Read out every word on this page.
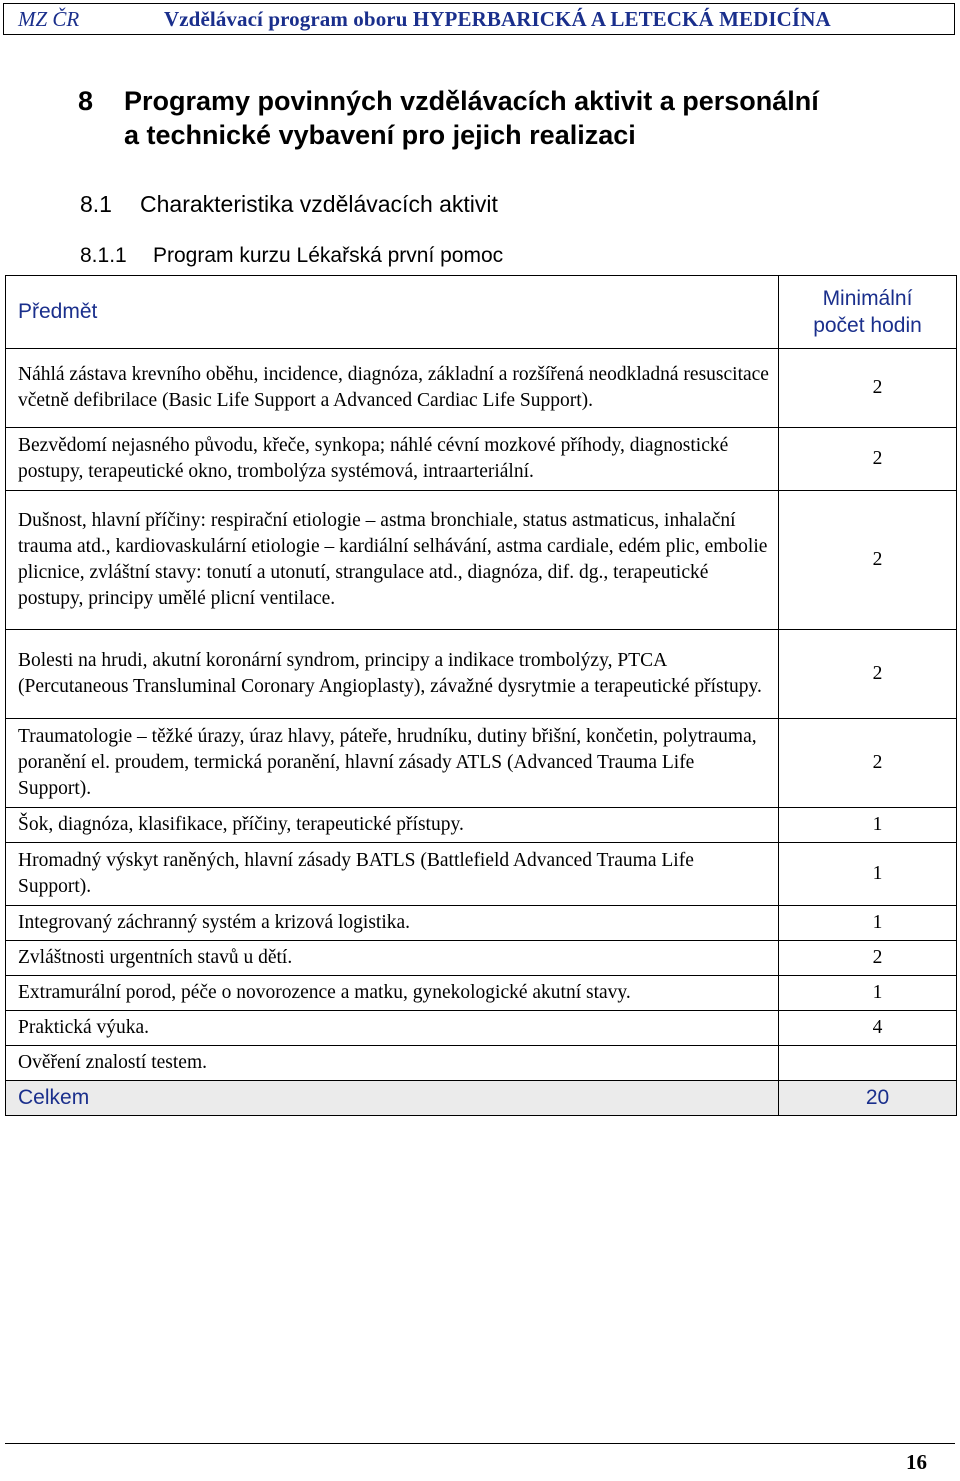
MZ ČR	Vzdělávací program oboru HYPERBARICKÁ A LETECKÁ MEDICÍNA
8 Programy povinných vzdělávacích aktivit a personální
a technické vybavení pro jejich realizaci
8.1 Charakteristika vzdělávacích aktivit
8.1.1 Program kurzu Lékařská první pomoc
Předmět	Minimální
počet hodin

Náhlá zástava krevního oběhu, incidence, diagnóza, základní a rozšířená neodkladná resuscitace včetně defibrilace (Basic Life Support a Advanced Cardiac Life Support).	2
Bezvědomí nejasného původu, křeče, synkopa; náhlé cévní mozkové příhody, diagnostické postupy, terapeutické okno, trombolýza systémová, intraarteriální.	2
Dušnost, hlavní příčiny: respirační etiologie – astma bronchiale, status astmaticus, inhalační trauma atd., kardiovaskulární etiologie – kardiální selhávání, astma cardiale, edém plic, embolie plicnice, zvláštní stavy: tonutí a utonutí, strangulace atd., diagnóza, dif. dg., terapeutické postupy, principy umělé plicní ventilace.	2
Bolesti na hrudi, akutní koronární syndrom, principy a indikace trombolýzy, PTCA (Percutaneous Transluminal Coronary Angioplasty), závažné dysrytmie a terapeutické přístupy.	2
Traumatologie – těžké úrazy, úraz hlavy, páteře, hrudníku, dutiny břišní, končetin, polytrauma, poranění el. proudem, termická poranění, hlavní zásady ATLS (Advanced Trauma Life Support).	2
Šok, diagnóza, klasifikace, příčiny, terapeutické přístupy.	1
Hromadný výskyt raněných, hlavní zásady BATLS (Battlefield Advanced Trauma Life Support).	1
Integrovaný záchranný systém a krizová logistika.	1
Zvláštnosti urgentních stavů u dětí.	2
Extramurální porod, péče o novorozence a matku, gynekologické akutní stavy.	1
Praktická výuka.	4
Ověření znalostí testem.	
Celkem	20
16
